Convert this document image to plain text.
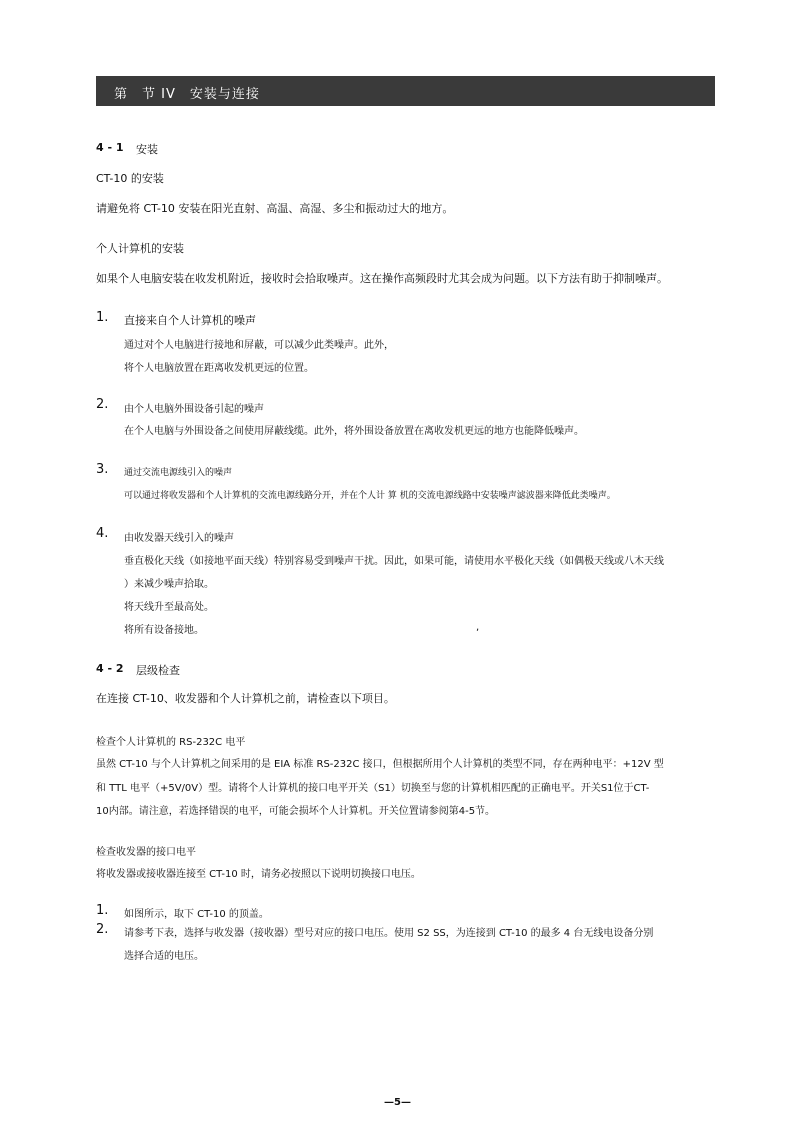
第　节 IV　安装与连接
4 - 1 安装
CT-10 的安装
请避免将 CT-10 安装在阳光直射、高温、高湿、多尘和振动过大的地方。
个人计算机的安装
如果个人电脑安装在收发机附近，接收时会拾取噪声。这在操作高频段时尤其会成为问题。以下方法有助于抑制噪声。
1. 直接来自个人计算机的噪声
通过对个人电脑进行接地和屏蔽，可以减少此类噪声。此外，
将个人电脑放置在距离收发机更远的位置。
2. 由个人电脑外围设备引起的噪声
在个人电脑与外围设备之间使用屏蔽线缆。此外，将外围设备放置在离收发机更远的地方也能降低噪声。
3. 通过交流电源线引入的噪声
可以通过将收发器和个人计算机的交流电源线路分开，并在个人计 算 机的交流电源线路中安装噪声滤波器来降低此类噪声。
4. 由收发器天线引入的噪声
垂直极化天线（如接地平面天线）特别容易受到噪声干扰。因此，如果可能，请使用水平极化天线（如偶极天线或八木天线
）来减少噪声拾取。
将天线升至最高处。
将所有设备接地。	,
4 - 2 层级检查
在连接 CT-10、收发器和个人计算机之前，请检查以下项目。
检查个人计算机的 RS-232C 电平
虽然 CT-10 与个人计算机之间采用的是 EIA 标准 RS-232C 接口，但根据所用个人计算机的类型不同，存在两种电平：+12V 型
和 TTL 电平（+5V/0V）型。请将个人计算机的接口电平开关（S1）切换至与您的计算机相匹配的正确电平。开关S1位于CT-
10内部。请注意，若选择错误的电平，可能会损坏个人计算机。开关位置请参阅第4-5节。
检查收发器的接口电平
将收发器或接收器连接至 CT-10 时，请务必按照以下说明切换接口电压。
1. 如图所示，取下 CT-10 的顶盖。
2. 请参考下表，选择与收发器（接收器）型号对应的接口电压。使用 S2 SS，为连接到 CT-10 的最多 4 台无线电设备分别
选择合适的电压。
—5—
